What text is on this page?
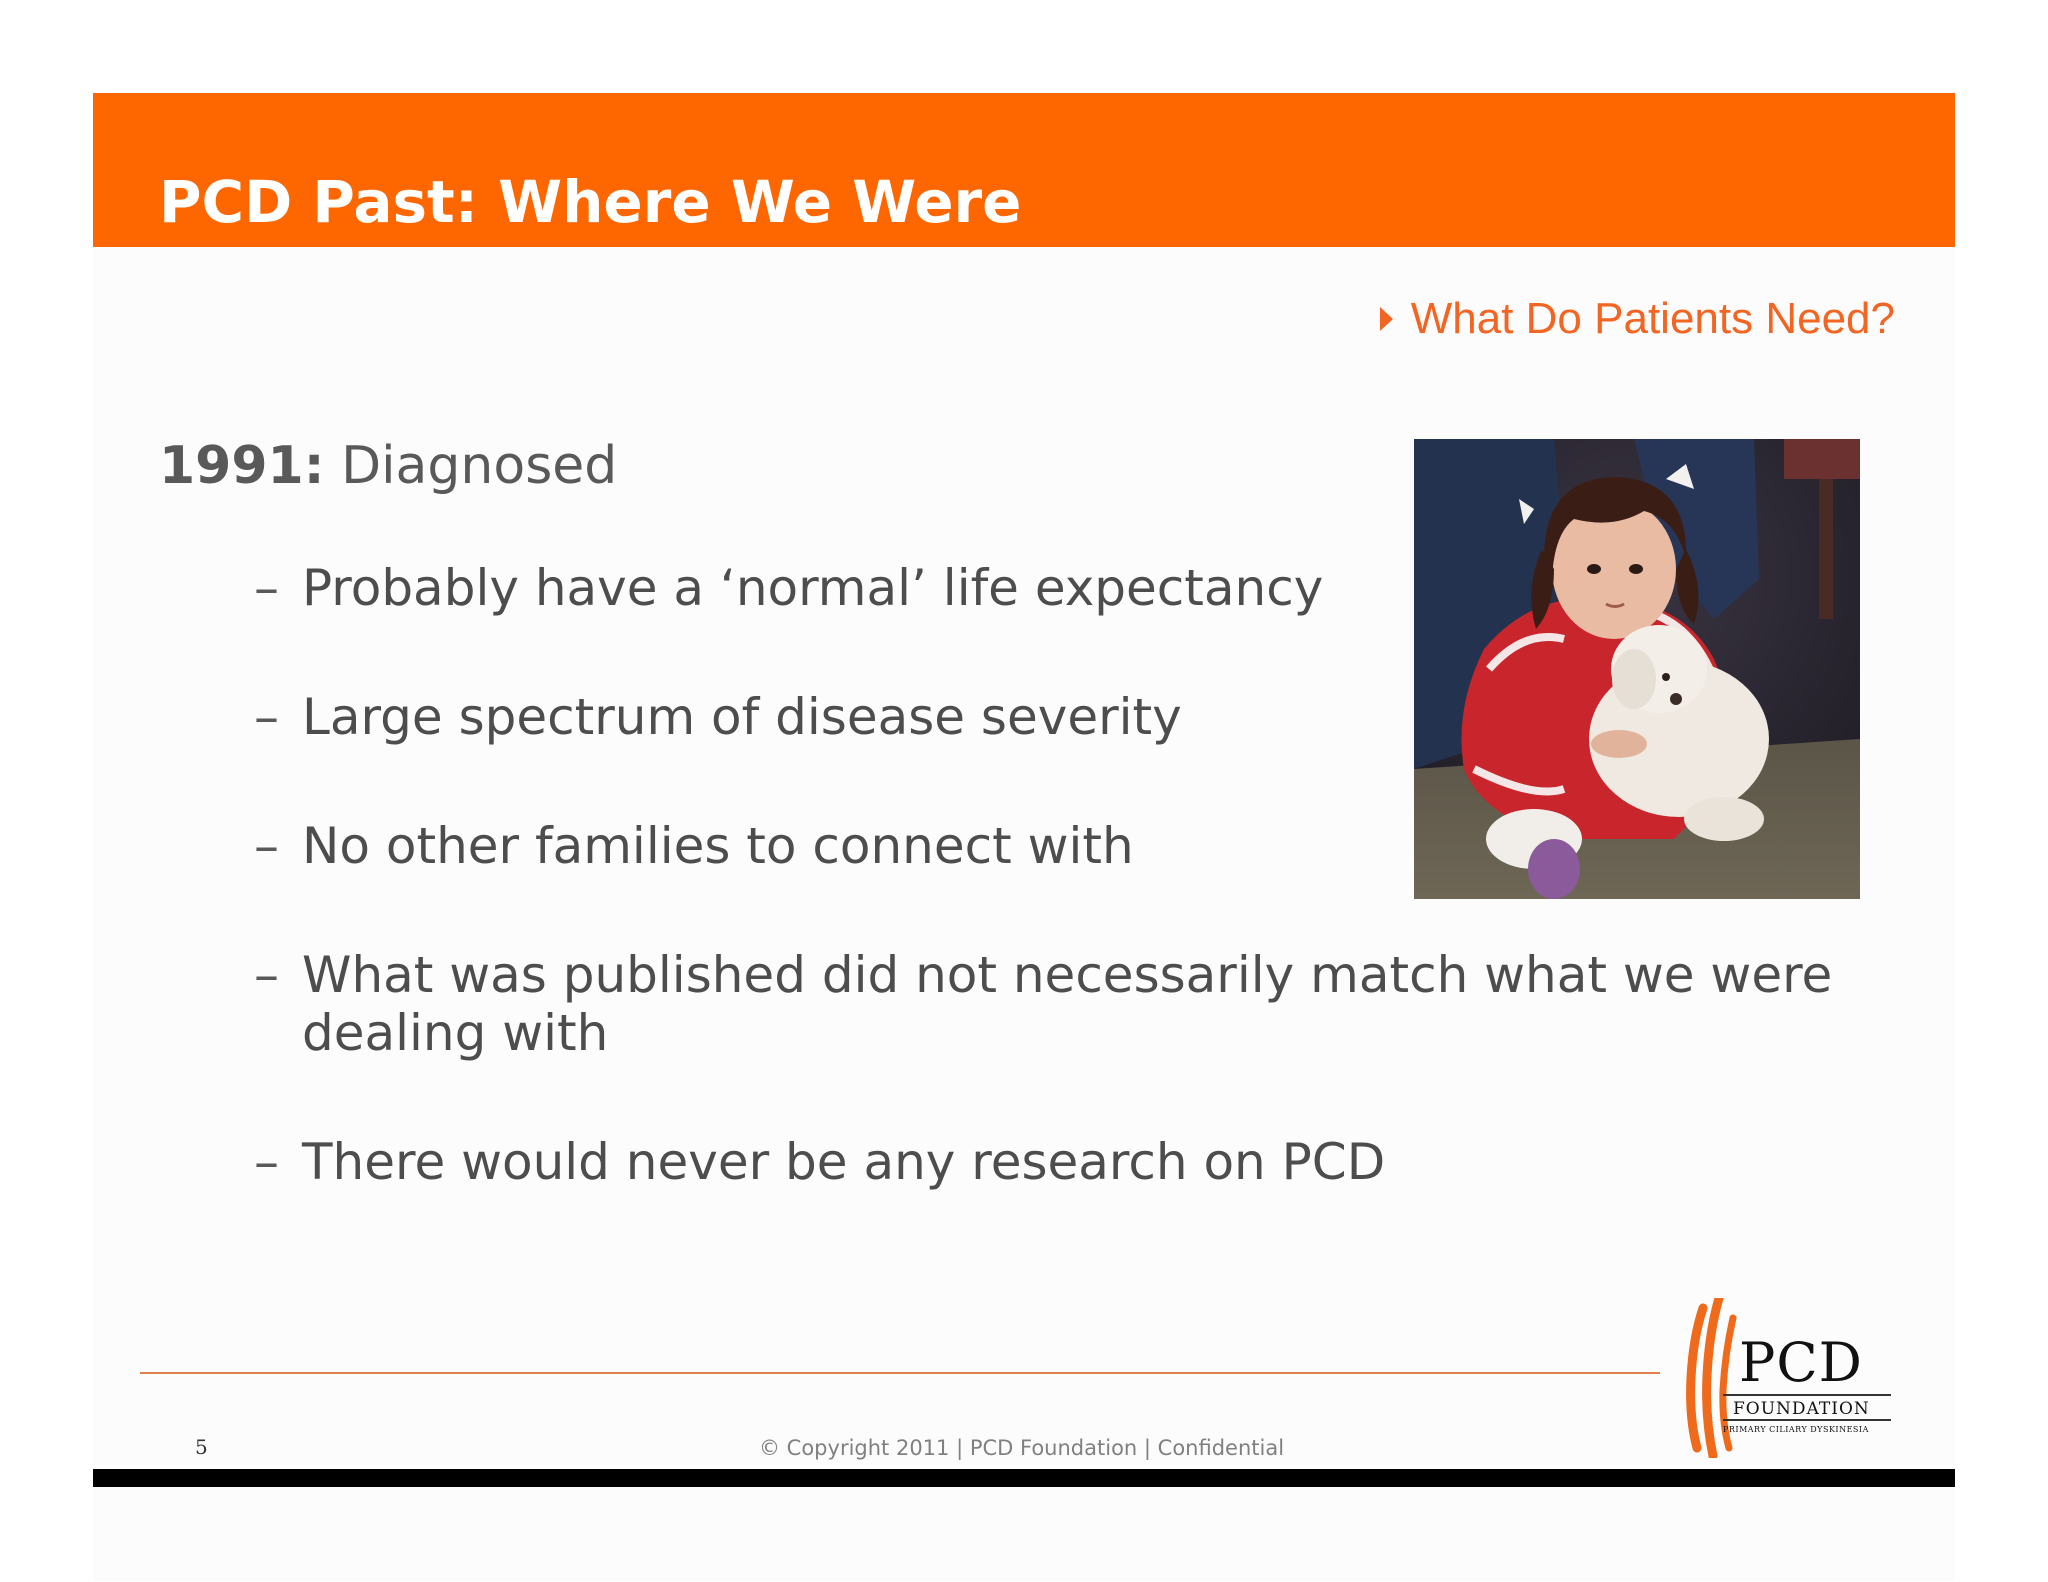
PCD Past: Where We Were
What Do Patients Need?
1991: Diagnosed
– Probably have a ‘normal’ life expectancy
– Large spectrum of disease severity
– No other families to connect with
– What was published did not necessarily match what we were dealing with
– There would never be any research on PCD
5	© Copyright 2011 | PCD Foundation | Confidential
PCD
FOUNDATION
PRIMARY CILIARY DYSKINESIA
